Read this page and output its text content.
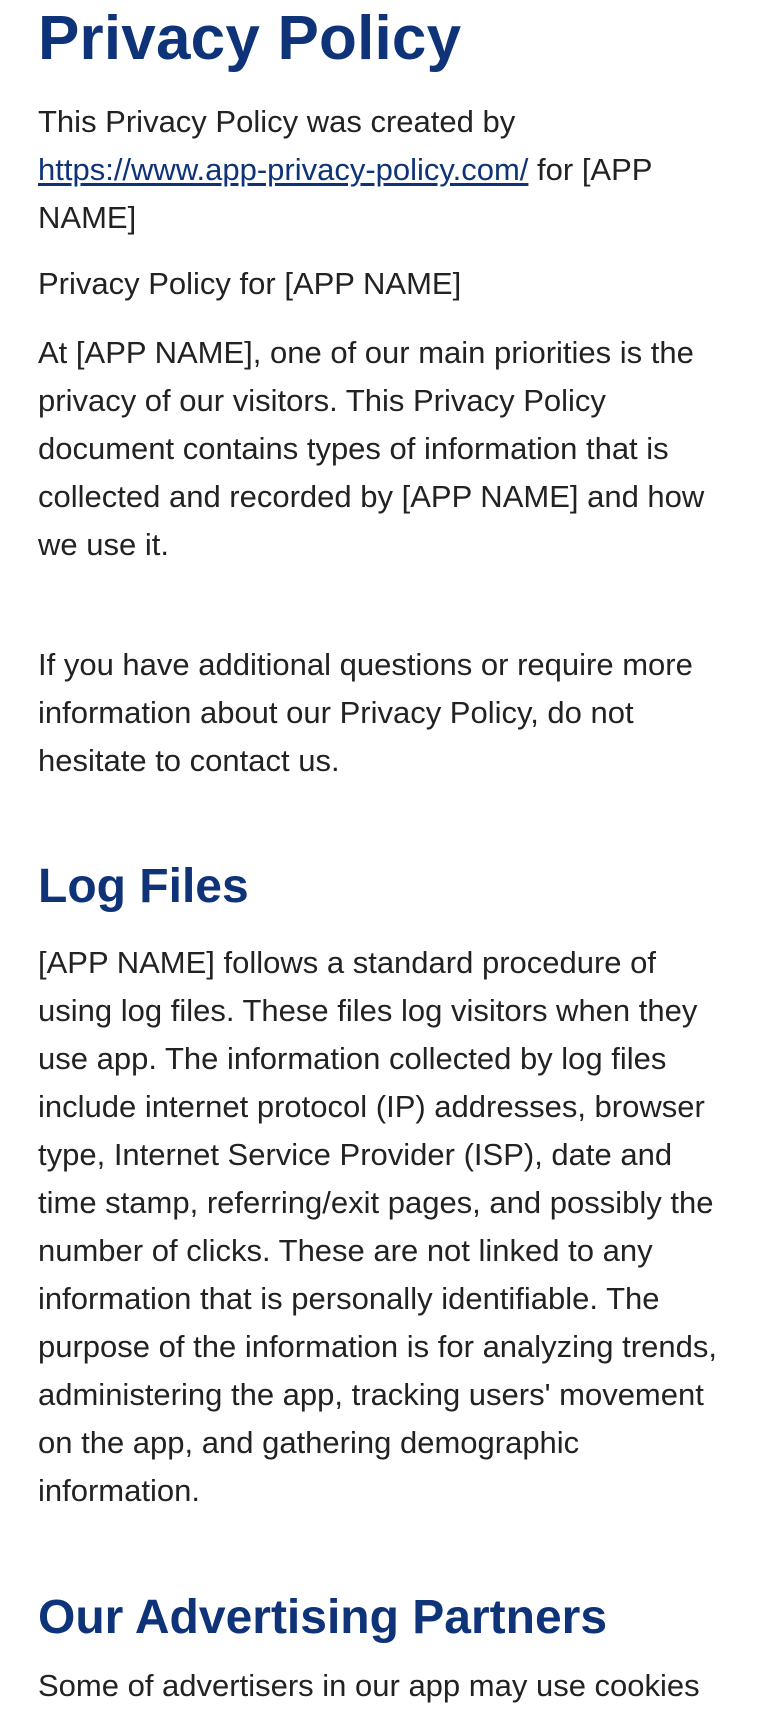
Privacy Policy

This Privacy Policy was created by
https://www.app-privacy-policy.com/ for [APP
NAME]

Privacy Policy for [APP NAME]

At [APP NAME], one of our main priorities is the
privacy of our visitors. This Privacy Policy
document contains types of information that is
collected and recorded by [APP NAME] and how
we use it.

If you have additional questions or require more
information about our Privacy Policy, do not
hesitate to contact us.

Log Files

[APP NAME] follows a standard procedure of
using log files. These files log visitors when they
use app. The information collected by log files
include internet protocol (IP) addresses, browser
type, Internet Service Provider (ISP), date and
time stamp, referring/exit pages, and possibly the
number of clicks. These are not linked to any
information that is personally identifiable. The
purpose of the information is for analyzing trends,
administering the app, tracking users' movement
on the app, and gathering demographic
information.

Our Advertising Partners

Some of advertisers in our app may use cookies
